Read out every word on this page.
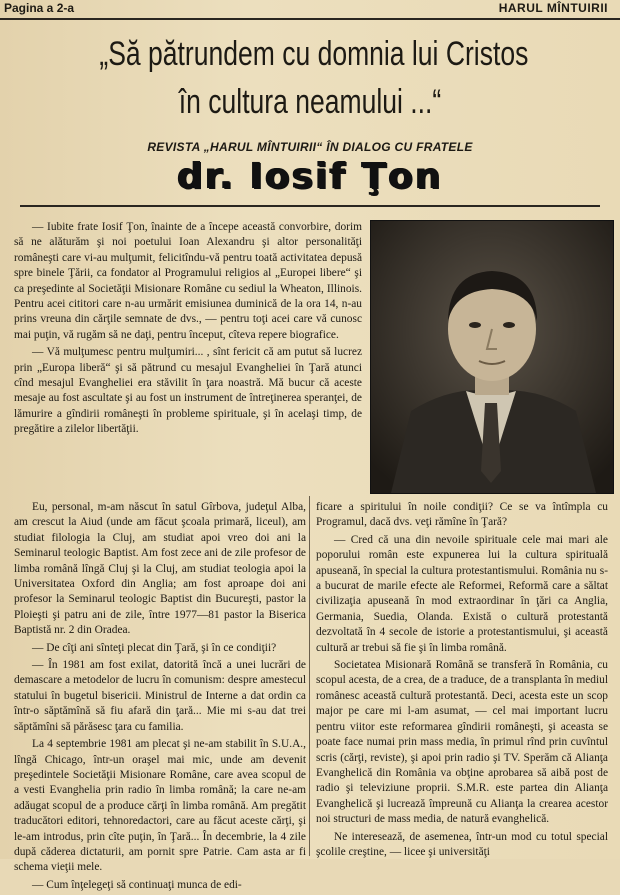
Pagina a 2-a	HARUL MÎNTUIRII
„Să pătrundem cu domnia lui Cristos
în cultura neamului ...“
REVISTA „HARUL MÎNTUIRII“ ÎN DIALOG CU FRATELE
dr. Iosif Ţon

— Iubite frate Iosif Ţon, înainte de a începe această convorbire, dorim să ne alăturăm şi noi poetului Ioan Alexandru şi altor personalităţi româneşti care vi-au mulţumit, felicitîndu-vă pentru toată activitatea depusă spre binele Ţării, ca fondator al Programului religios al „Europei libere“ şi ca preşedinte al Societăţii Misionare Române cu sediul la Wheaton, Illinois. Pentru acei cititori care n-au urmărit emisiunea duminică de la ora 14, n-au prins vreuna din cărţile semnate de dvs., — pentru toţi acei care vă cunosc mai puţin, vă rugăm să ne daţi, pentru început, cîteva repere biografice.

— Vă mulţumesc pentru mulţumiri... , sînt fericit că am putut să lucrez prin „Europa liberă“ şi să pătrund cu mesajul Evangheliei în Ţară atunci cînd mesajul Evangheliei era stăvilit în ţara noastră. Mă bucur că aceste mesaje au fost ascultate şi au fost un instrument de întreţinerea speranţei, de lămurire a gîndirii româneşti în probleme spirituale, şi în acelaşi timp, de pregătire a zilelor libertăţii.

Eu, personal, m-am născut în satul Gîrbova, judeţul Alba, am crescut la Aiud (unde am făcut şcoala primară, liceul), am studiat filologia la Cluj, am studiat apoi vreo doi ani la Seminarul teologic Baptist. Am fost zece ani de zile profesor de limba română lîngă Cluj şi la Cluj, am studiat teologia apoi la Universitatea Oxford din Anglia; am fost aproape doi ani profesor la Seminarul teologic Baptist din Bucureşti, pastor la Ploieşti şi patru ani de zile, între 1977—81 pastor la Biserica Baptistă nr. 2 din Oradea.

— De cîţi ani sînteţi plecat din Ţară, şi în ce condiţii?

— În 1981 am fost exilat, datorită încă a unei lucrări de demascare a metodelor de lucru în comunism: despre amestecul statului în bugetul bisericii. Ministrul de Interne a dat ordin ca într-o săptămînă să fiu afară din ţară... Mie mi s-au dat trei săptămîni să părăsesc ţara cu familia.

La 4 septembrie 1981 am plecat şi ne-am stabilit în S.U.A., lîngă Chicago, într-un oraşel mai mic, unde am devenit preşedintele Societăţii Misionare Române, care avea scopul de a vesti Evanghelia prin radio în limba română; la care ne-am adăugat scopul de a produce cărţi în limba română. Am pregătit traducători editori, tehnoredactori, care au făcut aceste cărţi, şi le-am introdus, prin cîte puţin, în Ţară... În decembrie, la 4 zile după căderea dictaturii, am pornit spre Patrie. Cam asta ar fi schema vieţii mele.

— Cum înţelegeţi să continuaţi munca de edi-

ficare a spiritului în noile condiţii? Ce se va întîmpla cu Programul, dacă dvs. veţi rămîne în Ţară?

— Cred că una din nevoile spirituale cele mai mari ale poporului român este expunerea lui la cultura spirituală apuseană, în special la cultura protestantismului. România nu s-a bucurat de marile efecte ale Reformei, Reformă care a săltat civilizaţia apuseană în mod extraordinar în ţări ca Anglia, Germania, Suedia, Olanda. Există o cultură protestantă dezvoltată în 4 secole de istorie a protestantismului, şi această cultură ar trebui să fie şi în limba română.

Societatea Misionară Română se transferă în România, cu scopul acesta, de a crea, de a traduce, de a transplanta în mediul românesc această cultură protestantă. Deci, acesta este un scop major pe care mi l-am asumat, — cel mai important lucru pentru viitor este reformarea gîndirii româneşti, şi aceasta se poate face numai prin mass media, în primul rînd prin cuvîntul scris (cărţi, reviste), şi apoi prin radio şi TV. Sperăm că Alianţa Evanghelică din România va obţine aprobarea să aibă post de radio şi televiziune proprii. S.M.R. este partea din Alianţa Evanghelică şi lucrează împreună cu Alianţa la crearea acestor noi structuri de mass media, de natură evanghelică.

Ne interesează, de asemenea, într-un mod cu totul special şcolile creştine, — licee şi universităţi
